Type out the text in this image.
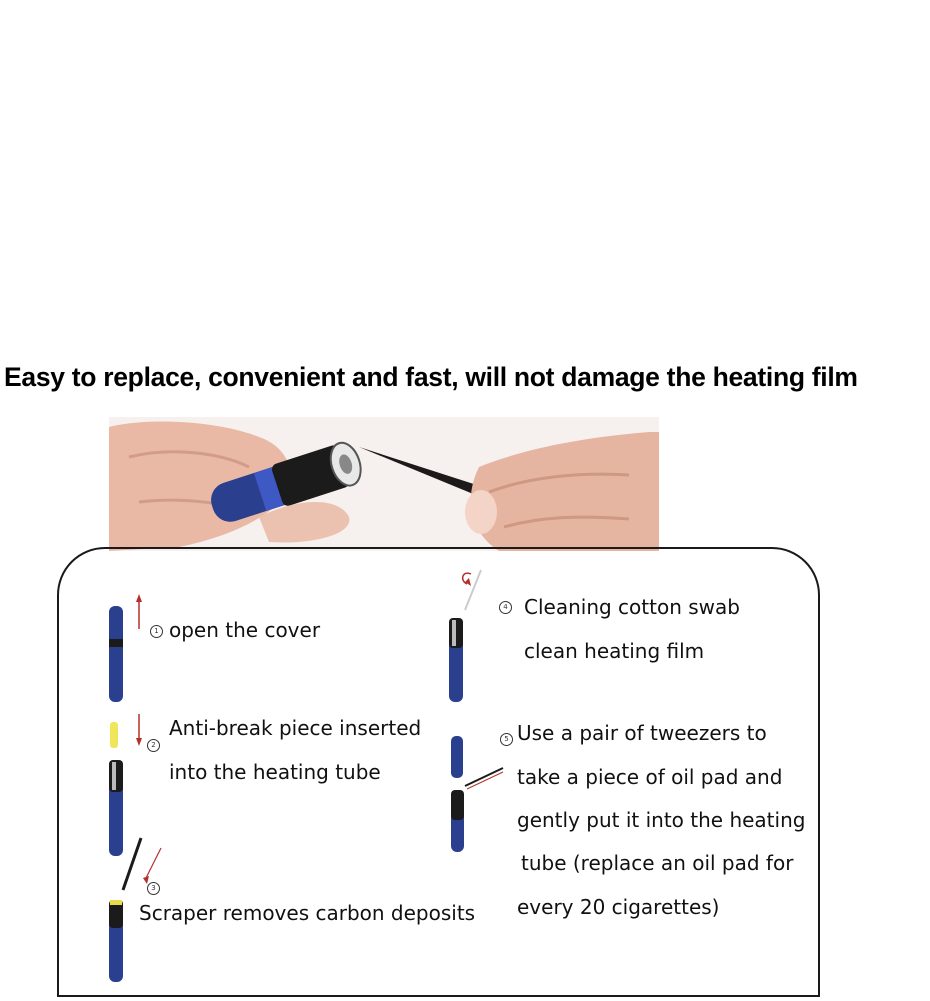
Easy to replace, convenient and fast, will not damage the heating film
1 open the cover
2
Anti-break piece inserted
into the heating tube
3
Scraper removes carbon deposits
4 Cleaning cotton swab
clean heating film
5 Use a pair of tweezers to
take a piece of oil pad and
gently put it into the heating
tube (replace an oil pad for
every 20 cigarettes)
